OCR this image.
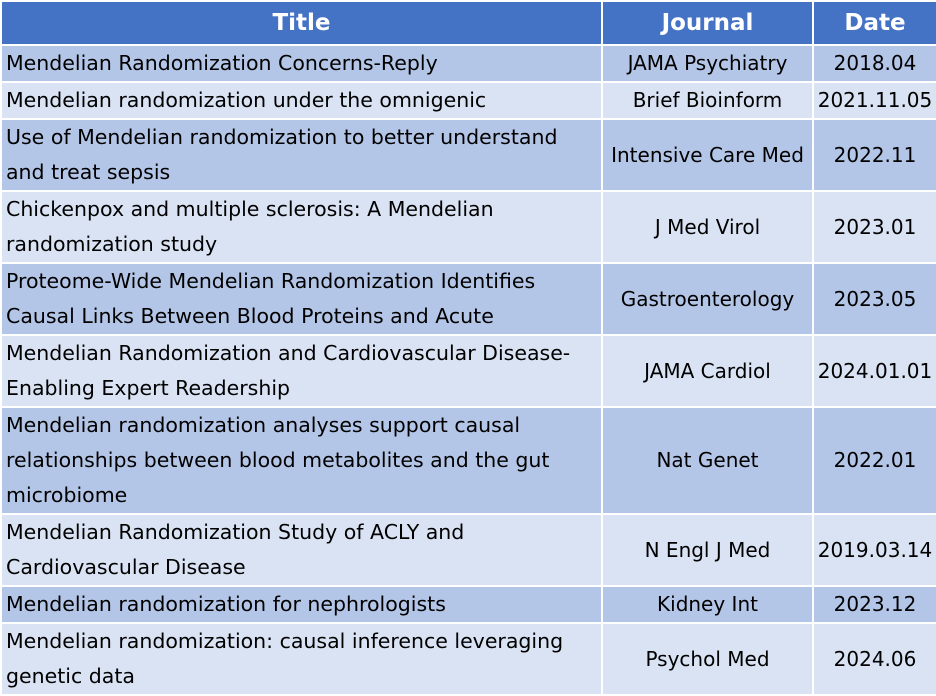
Title	Journal	Date
Mendelian Randomization Concerns-Reply	JAMA Psychiatry	2018.04
Mendelian randomization under the omnigenic	Brief Bioinform	2021.11.05
Use of Mendelian randomization to better understand and treat sepsis	Intensive Care Med	2022.11
Chickenpox and multiple sclerosis: A Mendelian randomization study	J Med Virol	2023.01
Proteome-Wide Mendelian Randomization Identifies Causal Links Between Blood Proteins and Acute	Gastroenterology	2023.05
Mendelian Randomization and Cardiovascular Disease-Enabling Expert Readership	JAMA Cardiol	2024.01.01
Mendelian randomization analyses support causal relationships between blood metabolites and the gut microbiome	Nat Genet	2022.01
Mendelian Randomization Study of ACLY and Cardiovascular Disease	N Engl J Med	2019.03.14
Mendelian randomization for nephrologists	Kidney Int	2023.12
Mendelian randomization: causal inference leveraging genetic data	Psychol Med	2024.06
